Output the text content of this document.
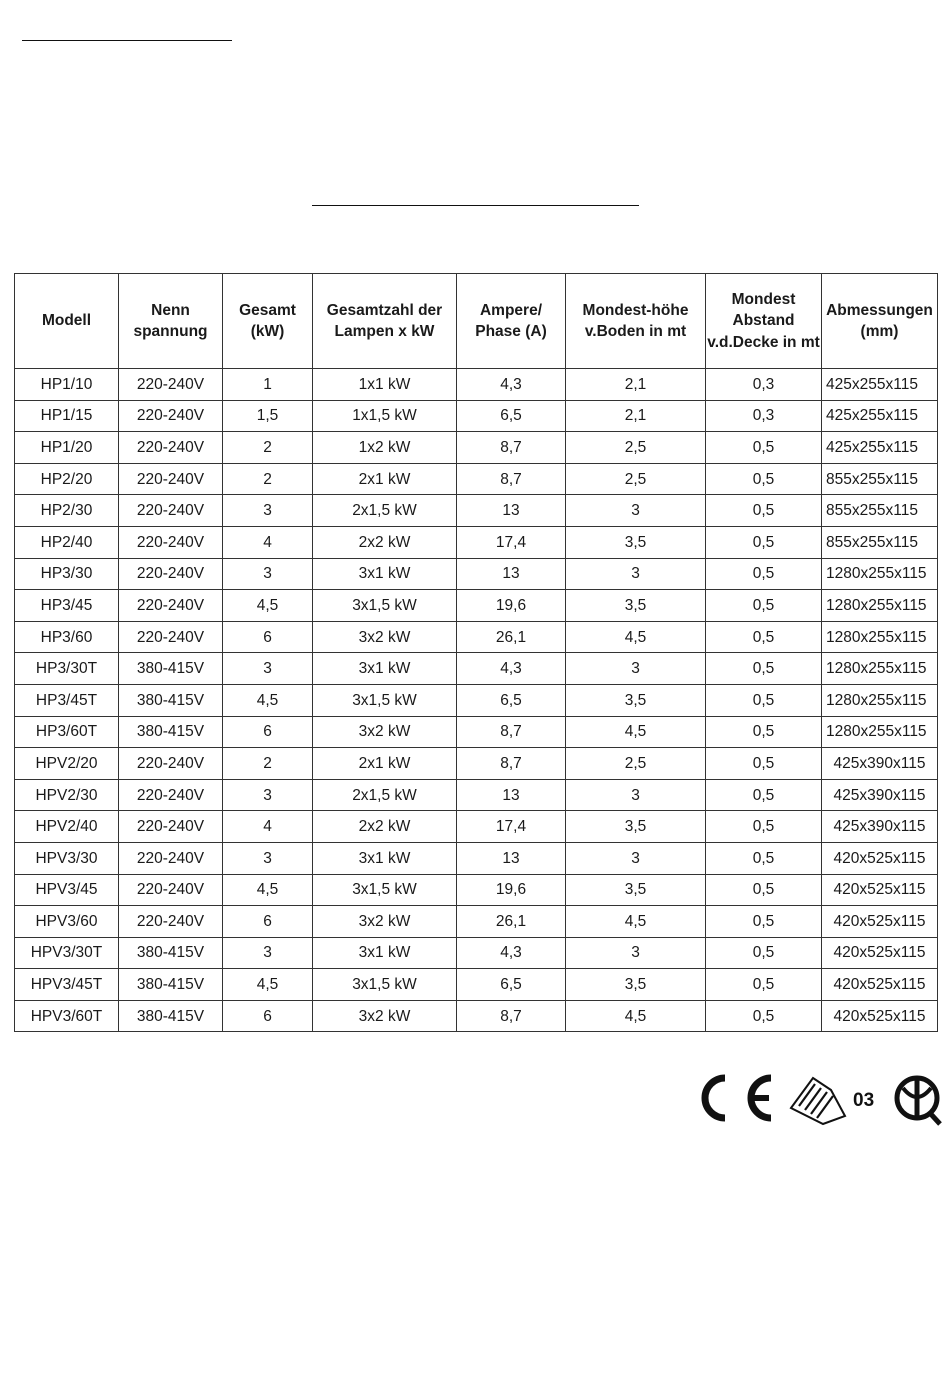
Modell	Nenn spannung	Gesamt (kW)	Gesamtzahl der Lampen x kW	Ampere/ Phase (A)	Mondest-höhe v.Boden in mt	Mondest Abstand v.d.Decke in mt	Abmessungen (mm)
HP1/10	220-240V	1	1x1 kW	4,3	2,1	0,3	425x255x115
HP1/15	220-240V	1,5	1x1,5 kW	6,5	2,1	0,3	425x255x115
HP1/20	220-240V	2	1x2 kW	8,7	2,5	0,5	425x255x115
HP2/20	220-240V	2	2x1 kW	8,7	2,5	0,5	855x255x115
HP2/30	220-240V	3	2x1,5 kW	13	3	0,5	855x255x115
HP2/40	220-240V	4	2x2 kW	17,4	3,5	0,5	855x255x115
HP3/30	220-240V	3	3x1 kW	13	3	0,5	1280x255x115
HP3/45	220-240V	4,5	3x1,5 kW	19,6	3,5	0,5	1280x255x115
HP3/60	220-240V	6	3x2 kW	26,1	4,5	0,5	1280x255x115
HP3/30T	380-415V	3	3x1 kW	4,3	3	0,5	1280x255x115
HP3/45T	380-415V	4,5	3x1,5 kW	6,5	3,5	0,5	1280x255x115
HP3/60T	380-415V	6	3x2 kW	8,7	4,5	0,5	1280x255x115
HPV2/20	220-240V	2	2x1 kW	8,7	2,5	0,5	425x390x115
HPV2/30	220-240V	3	2x1,5 kW	13	3	0,5	425x390x115
HPV2/40	220-240V	4	2x2 kW	17,4	3,5	0,5	425x390x115
HPV3/30	220-240V	3	3x1 kW	13	3	0,5	420x525x115
HPV3/45	220-240V	4,5	3x1,5 kW	19,6	3,5	0,5	420x525x115
HPV3/60	220-240V	6	3x2 kW	26,1	4,5	0,5	420x525x115
HPV3/30T	380-415V	3	3x1 kW	4,3	3	0,5	420x525x115
HPV3/45T	380-415V	4,5	3x1,5 kW	6,5	3,5	0,5	420x525x115
HPV3/60T	380-415V	6	3x2 kW	8,7	4,5	0,5	420x525x115
03
